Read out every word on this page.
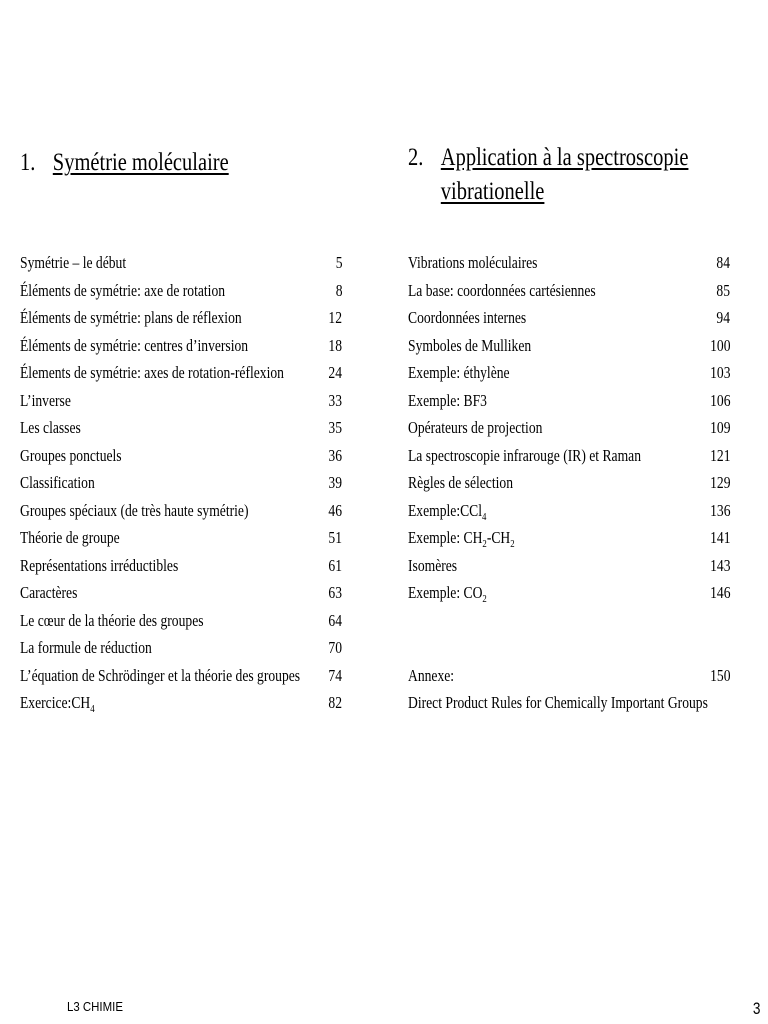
1. Symétrie moléculaire
Symétrie – le début	5
Éléments de symétrie: axe de rotation	8
Éléments de symétrie: plans de réflexion	12
Éléments de symétrie: centres d’inversion	18
Élements de symétrie: axes de rotation-réflexion	24
L’inverse	33
Les classes	35
Groupes ponctuels	36
Classification	39
Groupes spéciaux (de très haute symétrie)	46
Théorie de groupe	51
Représentations irréductibles	61
Caractères	63
Le cœur de la théorie des groupes	64
La formule de réduction	70
L’équation de Schrödinger et la théorie des groupes 74
$Exercice:CH_4$	82
2. Application à la spectroscopie
vibrationelle
Vibrations moléculaires	84
La base: coordonnées cartésiennes	85
Coordonnées internes	94
Symboles de Mulliken	100
Exemple: éthylène	103
Exemple: BF3	106
Opérateurs de projection	109
La spectroscopie infrarouge (IR) et Raman	121
Règles de sélection	129
Exemple:CCl$_4$	136
Exemple: $CH_2-CH_2$	141
Isomères	143
Exemple: $CO_2$	146
Annexe:	150
Direct Product Rules for Chemically Important Groups
L3 CHIMIE	3
